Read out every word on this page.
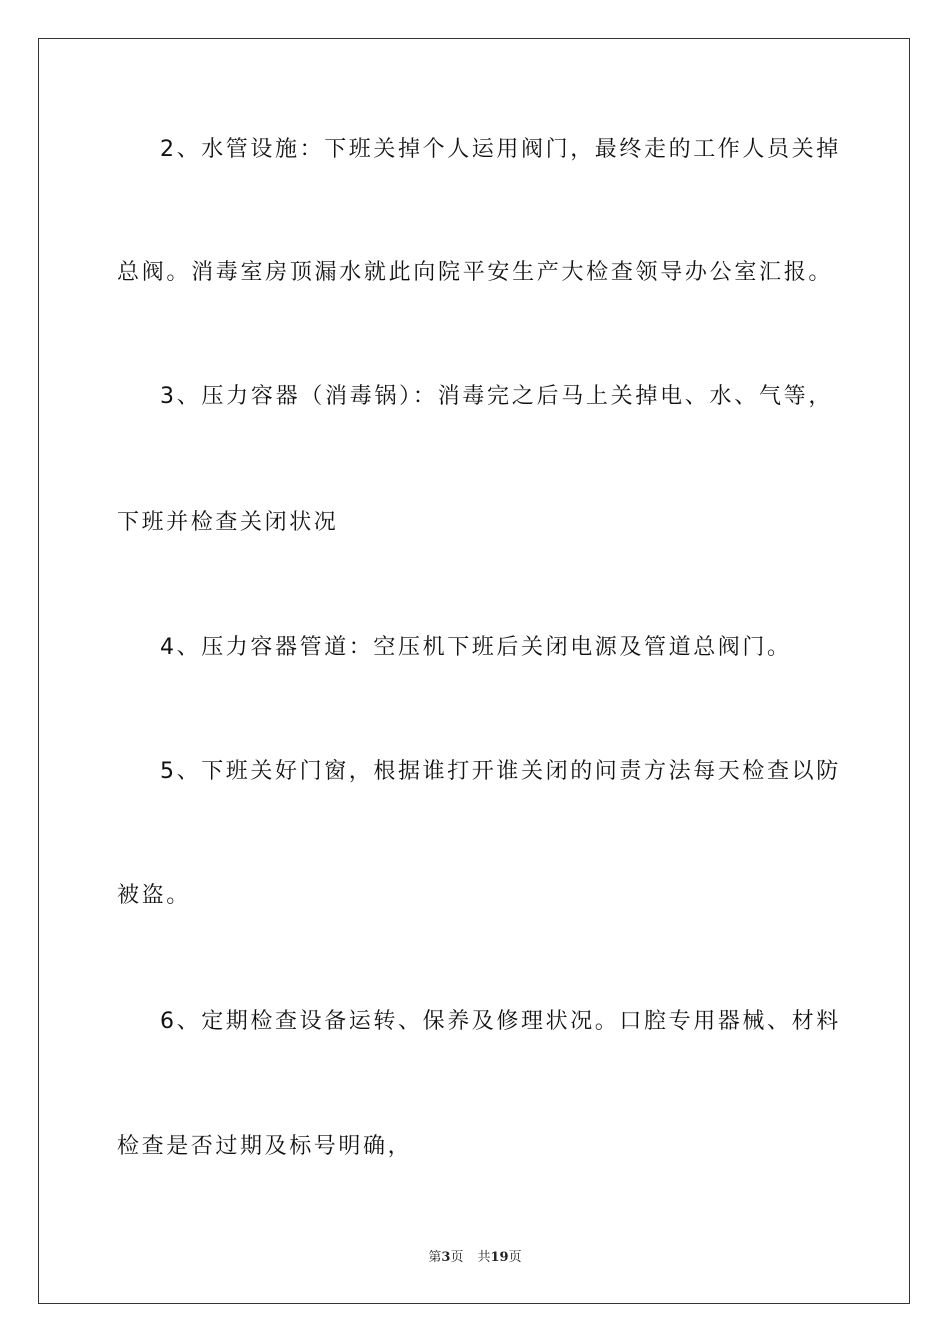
2、水管设施：下班关掉个人运用阀门，最终走的工作人员关掉
总阀。消毒室房顶漏水就此向院平安生产大检查领导办公室汇报。
3、压力容器（消毒锅）：消毒完之后马上关掉电、水、气等，
下班并检查关闭状况
4、压力容器管道：空压机下班后关闭电源及管道总阀门。
5、下班关好门窗，根据谁打开谁关闭的问责方法每天检查以防
被盗。
6、定期检查设备运转、保养及修理状况。口腔专用器械、材料
检查是否过期及标号明确，
第3页 共19页
